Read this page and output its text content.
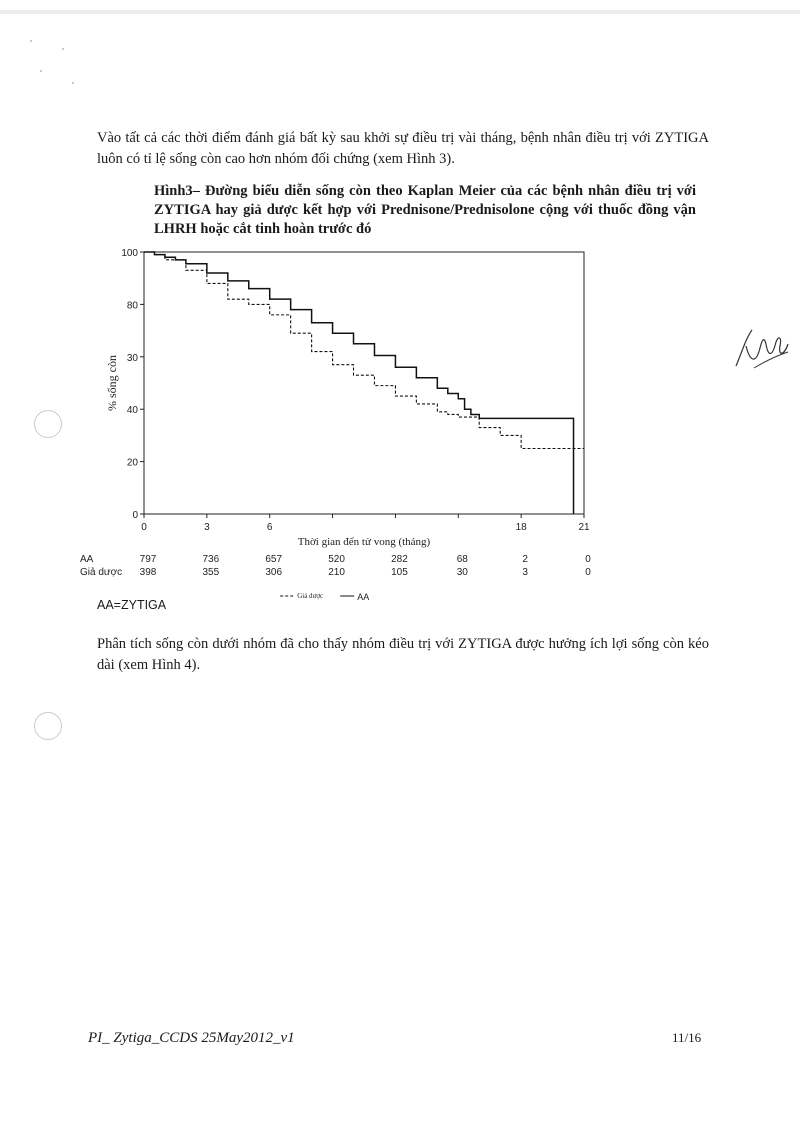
Vào tất cả các thời điểm đánh giá bất kỳ sau khởi sự điều trị vài tháng, bệnh nhân điều trị với ZYTIGA luôn có tỉ lệ sống còn cao hơn nhóm đối chứng (xem Hình 3).

Hình3– Đường biểu diễn sống còn theo Kaplan Meier của các bệnh nhân điều trị với ZYTIGA hay giả dược kết hợp với Prednisone/Prednisolone cộng với thuốc đồng vận LHRH hoặc cắt tinh hoàn trước đó

0
20
40
30
80
100
0	3	6	18	21
Thời gian đến tử vong (tháng)
% sống còn
AA	797	736	657	520	282	68	2	0
Giả dược 398	355	306	210	105	30	3	0
Giả dược	AA
AA=ZYTIGA

Phân tích sống còn dưới nhóm đã cho thấy nhóm điều trị với ZYTIGA được hưởng ích lợi sống còn kéo dài (xem Hình 4).

PI_ Zytiga_CCDS 25May2012_v1	11/16
